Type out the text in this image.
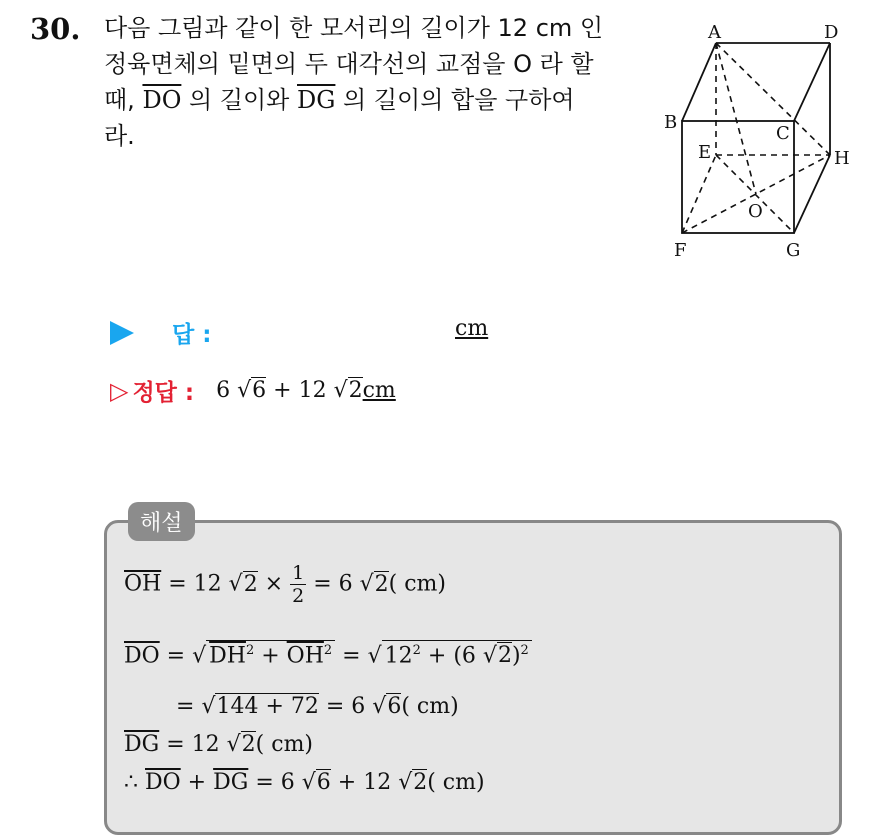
30. 다음 그림과 같이 한 모서리의 길이가 12 cm 인

정육면체의 밑면의 두 대각선의 교점을 O 라 할

때, $\overline{DO}$ 의 길이와 $\overline{DG}$ 의 길이의 합을 구하여

라.

A	D
B
C
E	H
O
F	G
답 :	cm
▷ 정답 : 6 √6 + 12 √2cm
해설
$\overline{OH} = 12$ $√2 \times \frac{1}{2} = 6$ √2( cm)
$\overline{DO}$ = √ $DH^2 + \overline{OH}^2$ = √ $12^2 + (6$ √2)$^2$
= √144 + 72 = 6 √6( cm)
$\overline{DG} = 12$ √2( cm)
∴ $\overline{DO} + \overline{DG} = 6$ √6 + 12 √2( cm)
